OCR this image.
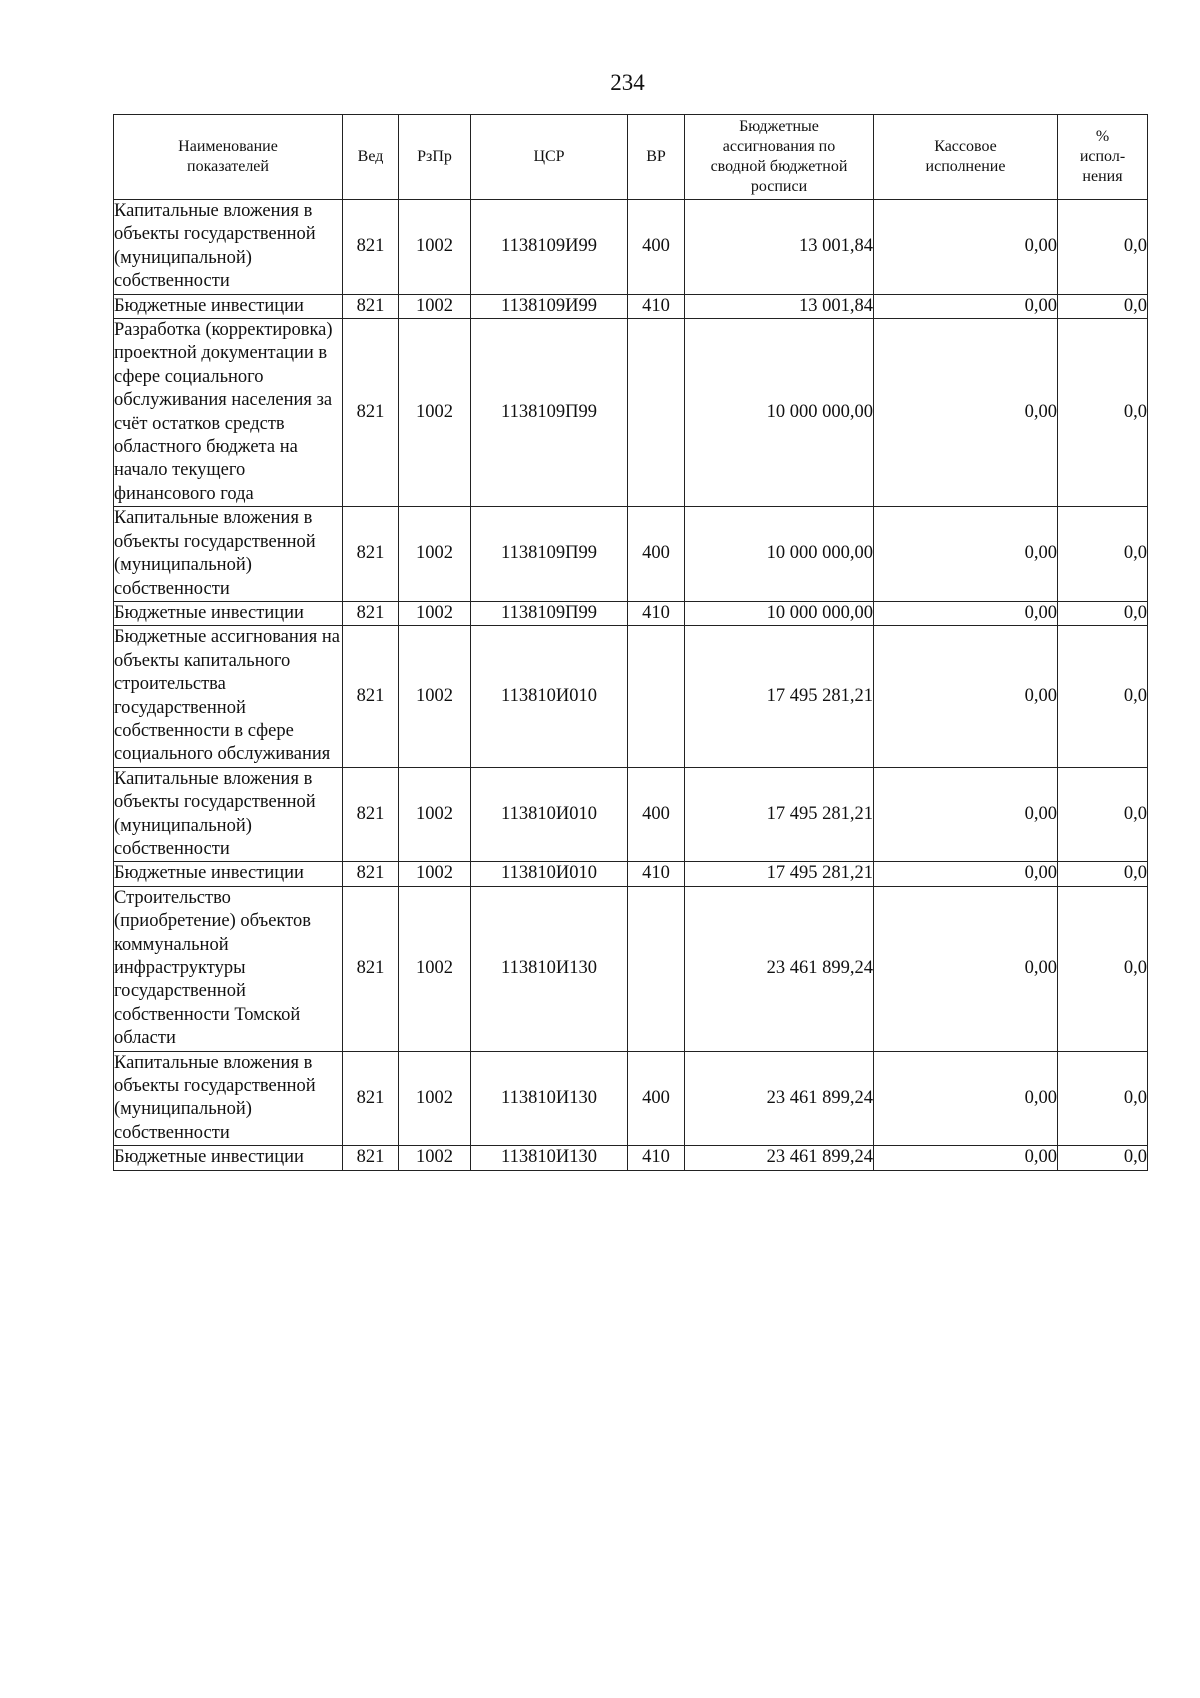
234
Наименование показателей	Вед	РзПр	ЦСР	ВР	Бюджетные ассигнования по сводной бюджетной росписи	Кассовое исполнение	% испол- нения
Капитальные вложения в объекты государственной (муниципальной) собственности	821	1002	1138109И99	400	13 001,84	0,00	0,0
Бюджетные инвестиции	821	1002	1138109И99	410	13 001,84	0,00	0,0
Разработка (корректировка) проектной документации в сфере социального обслуживания населения за счёт остатков средств областного бюджета на начало текущего финансового года	821	1002	1138109П99		10 000 000,00	0,00	0,0
Капитальные вложения в объекты государственной (муниципальной) собственности	821	1002	1138109П99	400	10 000 000,00	0,00	0,0
Бюджетные инвестиции	821	1002	1138109П99	410	10 000 000,00	0,00	0,0
Бюджетные ассигнования на объекты капитального строительства государственной собственности в сфере социального обслуживания	821	1002	113810И010		17 495 281,21	0,00	0,0
Капитальные вложения в объекты государственной (муниципальной) собственности	821	1002	113810И010	400	17 495 281,21	0,00	0,0
Бюджетные инвестиции	821	1002	113810И010	410	17 495 281,21	0,00	0,0
Строительство (приобретение) объектов коммунальной инфраструктуры государственной собственности Томской области	821	1002	113810И130		23 461 899,24	0,00	0,0
Капитальные вложения в объекты государственной (муниципальной) собственности	821	1002	113810И130	400	23 461 899,24	0,00	0,0
Бюджетные инвестиции	821	1002	113810И130	410	23 461 899,24	0,00	0,0
